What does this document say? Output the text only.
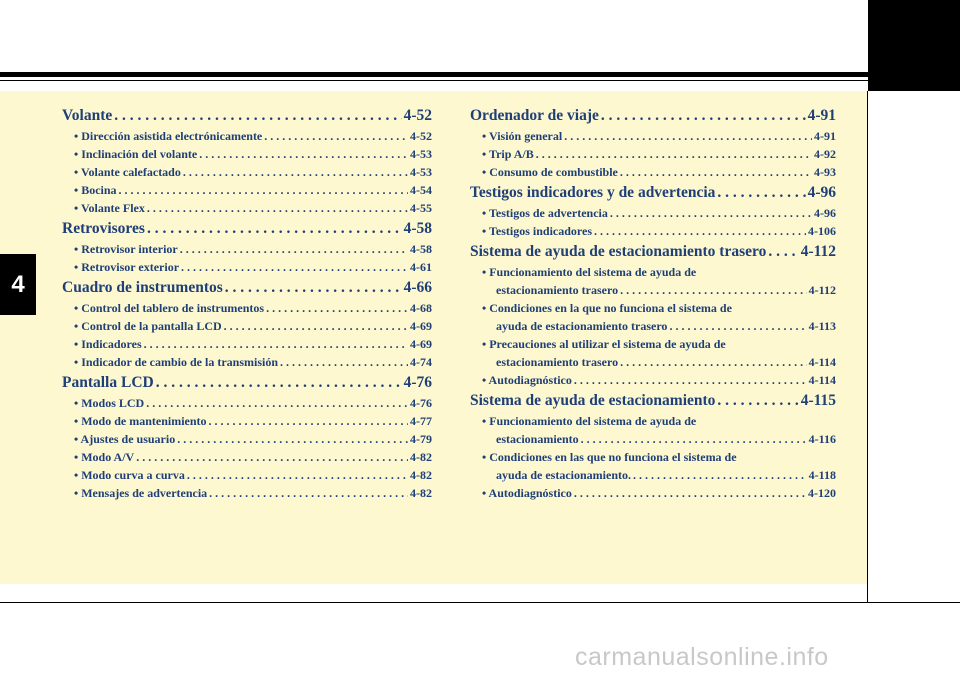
4
Volante . . .	4-52
• Dirección asistida electrónicamente . . .	4-52
• Inclinación del volante . . .	4-53
• Volante calefactado . . .	4-53
• Bocina . . .	4-54
• Volante Flex . . .	4-55
Retrovisores . . .	4-58
• Retrovisor interior . . .	4-58
• Retrovisor exterior . . .	4-61
Cuadro de instrumentos . . .	4-66
• Control del tablero de instrumentos . . .	4-68
• Control de la pantalla LCD . . .	4-69
• Indicadores . . .	4-69
• Indicador de cambio de la transmisión . . .	4-74
Pantalla LCD . . .	4-76
• Modos LCD . . .	4-76
• Modo de mantenimiento . . .	4-77
• Ajustes de usuario . . .	4-79
• Modo A/V . . .	4-82
• Modo curva a curva . . .	4-82
• Mensajes de advertencia . . .	4-82
Ordenador de viaje . . .	4-91
• Visión general . . .	4-91
• Trip A/B . . .	4-92
• Consumo de combustible . . .	4-93
Testigos indicadores y de advertencia . . .	4-96
• Testigos de advertencia . . .	4-96
• Testigos indicadores . . .	4-106
Sistema de ayuda de estacionamiento trasero . . . 4-112
• Funcionamiento del sistema de ayuda de
estacionamiento trasero . . .	4-112
• Condiciones en la que no funciona el sistema de
ayuda de estacionamiento trasero . . .	4-113
• Precauciones al utilizar el sistema de ayuda de
estacionamiento trasero . . .	4-114
• Autodiagnóstico . . .	4-114
Sistema de ayuda de estacionamiento . . .	4-115
• Funcionamiento del sistema de ayuda de
estacionamiento . . .	4-116
• Condiciones en las que no funciona el sistema de
ayuda de estacionamiento. . . .	4-118
• Autodiagnóstico . . .	4-120
carmanualsonline.info
